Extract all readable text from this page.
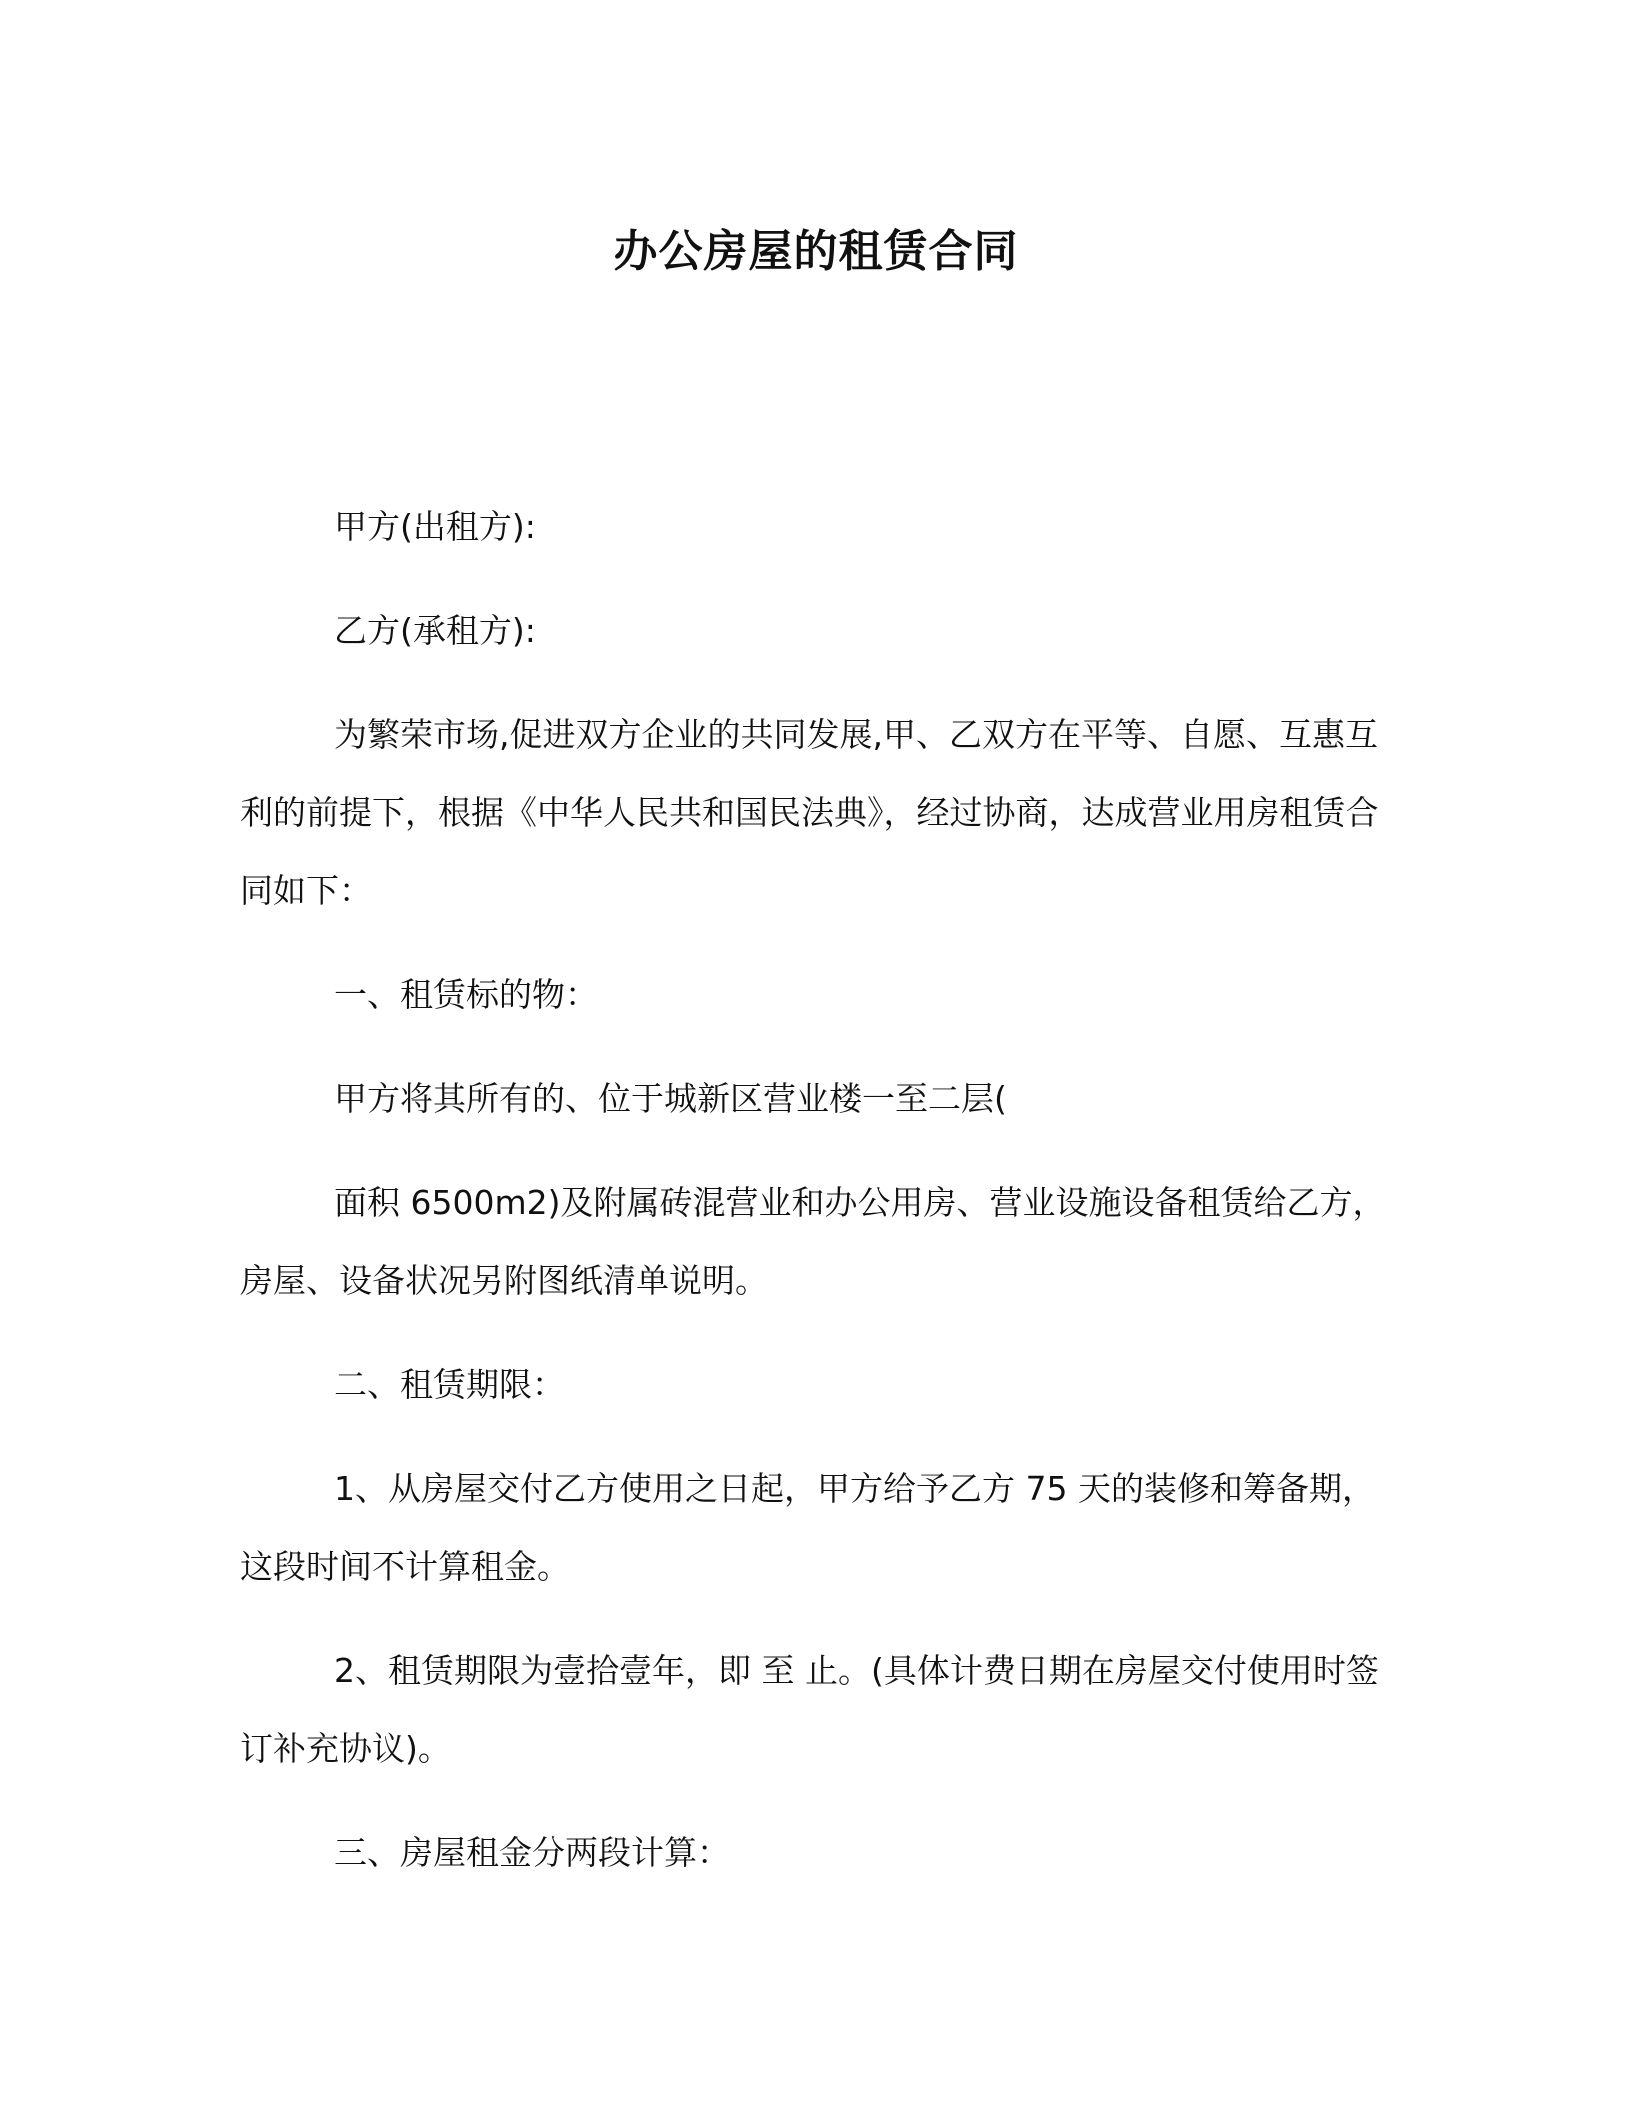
办公房屋的租赁合同

甲方(出租方):

乙方(承租方):

为繁荣市场,促进双方企业的共同发展,甲、乙双方在平等、自愿、互惠互利的前提下，根据《中华人民共和国民法典》，经过协商，达成营业用房租赁合同如下：

一、租赁标的物：

甲方将其所有的、位于城新区营业楼一至二层(

面积 6500m2)及附属砖混营业和办公用房、营业设施设备租赁给乙方，房屋、设备状况另附图纸清单说明。

二、租赁期限：

1、从房屋交付乙方使用之日起，甲方给予乙方 75 天的装修和筹备期，这段时间不计算租金。

2、租赁期限为壹拾壹年，即 至 止。(具体计费日期在房屋交付使用时签订补充协议)。

三、房屋租金分两段计算：
